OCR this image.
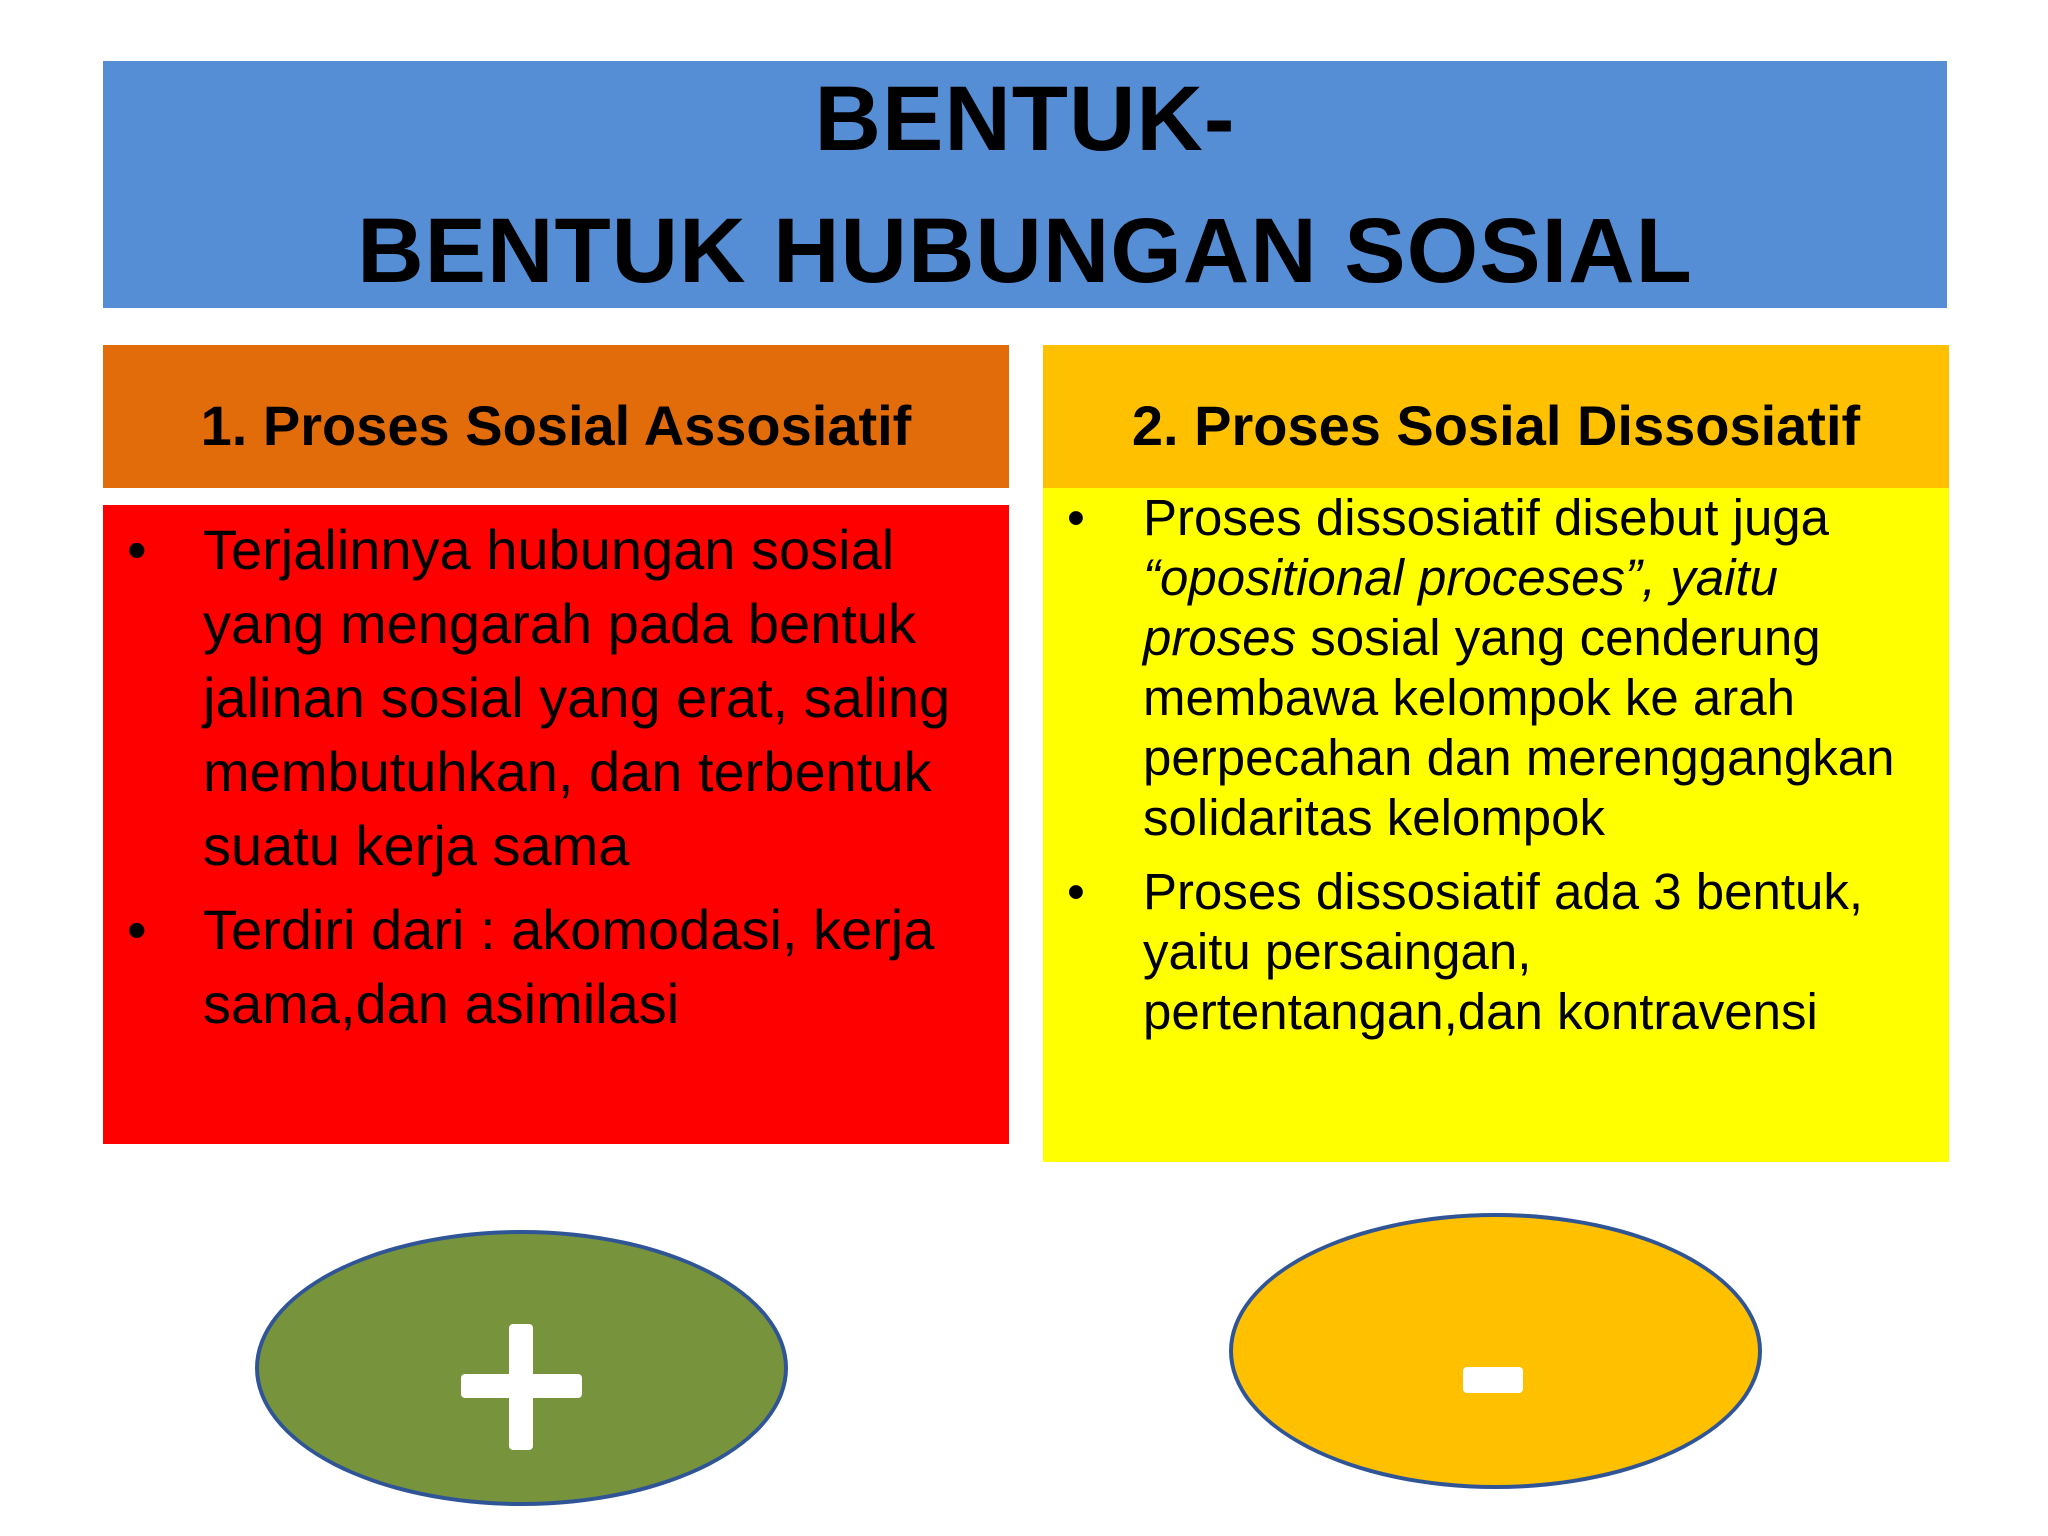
BENTUK-
BENTUK HUBUNGAN SOSIAL
1. Proses Sosial Assosiatif	2. Proses Sosial Dissosiatif
• Terjalinnya hubungan sosial yang mengarah pada bentuk jalinan sosial yang erat, saling membutuhkan, dan terbentuk suatu kerja sama
• Terdiri dari : akomodasi, kerja sama,dan asimilasi
• Proses dissosiatif disebut juga “opositional proceses”, yaitu proses sosial yang cenderung membawa kelompok ke arah perpecahan dan merenggangkan solidaritas kelompok
• Proses dissosiatif ada 3 bentuk, yaitu persaingan, pertentangan,dan kontravensi
